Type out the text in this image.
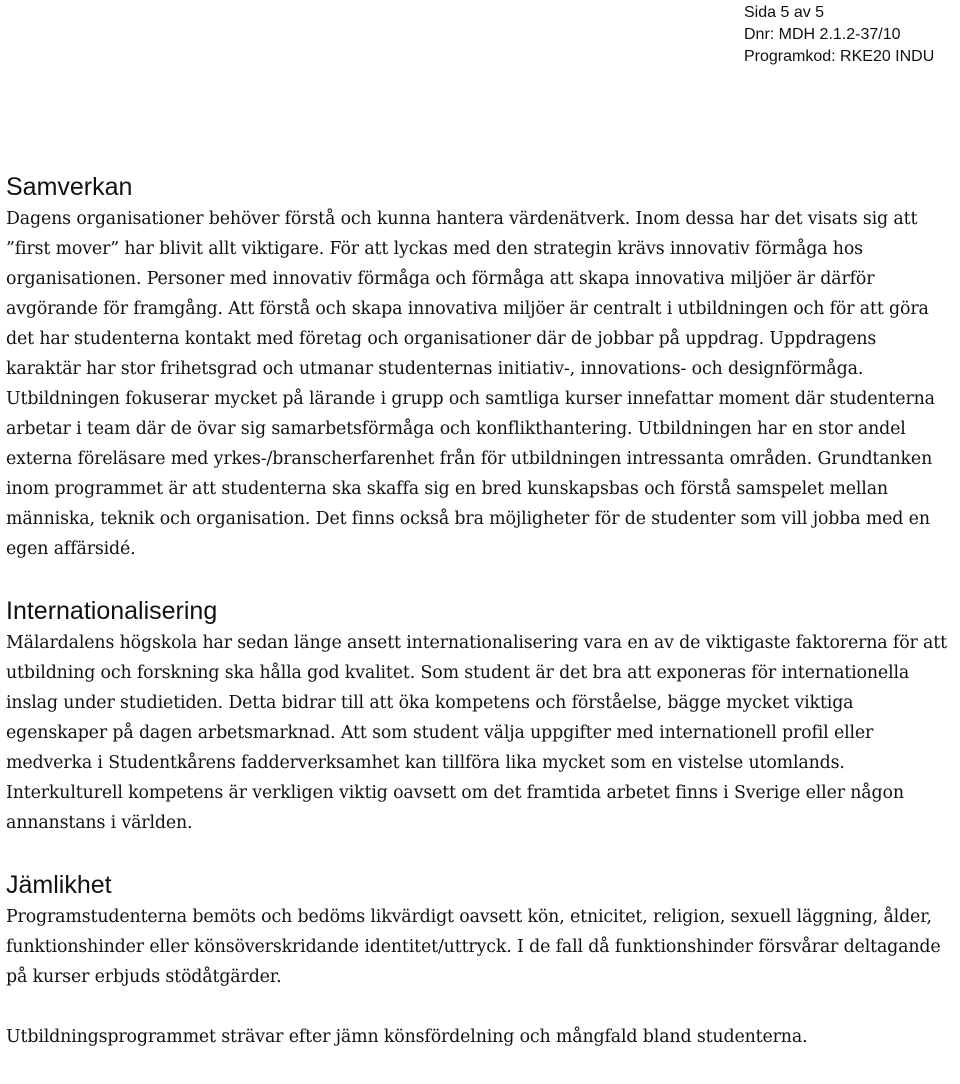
Sida 5 av 5
Dnr: MDH 2.1.2-37/10
Programkod: RKE20 INDU
Samverkan

Dagens organisationer behöver förstå och kunna hantera värdenätverk. Inom dessa har det visats sig att ”first mover” har blivit allt viktigare. För att lyckas med den strategin krävs innovativ förmåga hos organisationen. Personer med innovativ förmåga och förmåga att skapa innovativa miljöer är därför avgörande för framgång. Att förstå och skapa innovativa miljöer är centralt i utbildningen och för att göra det har studenterna kontakt med företag och organisationer där de jobbar på uppdrag. Uppdragens karaktär har stor frihetsgrad och utmanar studenternas initiativ-, innovations- och designförmåga. Utbildningen fokuserar mycket på lärande i grupp och samtliga kurser innefattar moment där studenterna arbetar i team där de övar sig samarbetsförmåga och konflikthantering. Utbildningen har en stor andel externa föreläsare med yrkes-/branscherfarenhet från för utbildningen intressanta områden. Grundtanken inom programmet är att studenterna ska skaffa sig en bred kunskapsbas och förstå samspelet mellan människa, teknik och organisation. Det finns också bra möjligheter för de studenter som vill jobba med en egen affärsidé.

Internationalisering

Mälardalens högskola har sedan länge ansett internationalisering vara en av de viktigaste faktorerna för att utbildning och forskning ska hålla god kvalitet. Som student är det bra att exponeras för internationella inslag under studietiden. Detta bidrar till att öka kompetens och förståelse, bägge mycket viktiga egenskaper på dagen arbetsmarknad. Att som student välja uppgifter med internationell profil eller medverka i Studentkårens fadderverksamhet kan tillföra lika mycket som en vistelse utomlands. Interkulturell kompetens är verkligen viktig oavsett om det framtida arbetet finns i Sverige eller någon annanstans i världen.

Jämlikhet

Programstudenterna bemöts och bedöms likvärdigt oavsett kön, etnicitet, religion, sexuell läggning, ålder, funktionshinder eller könsöverskridande identitet/uttryck. I de fall då funktionshinder försvårar deltagande på kurser erbjuds stödåtgärder.

Utbildningsprogrammet strävar efter jämn könsfördelning och mångfald bland studenterna.
